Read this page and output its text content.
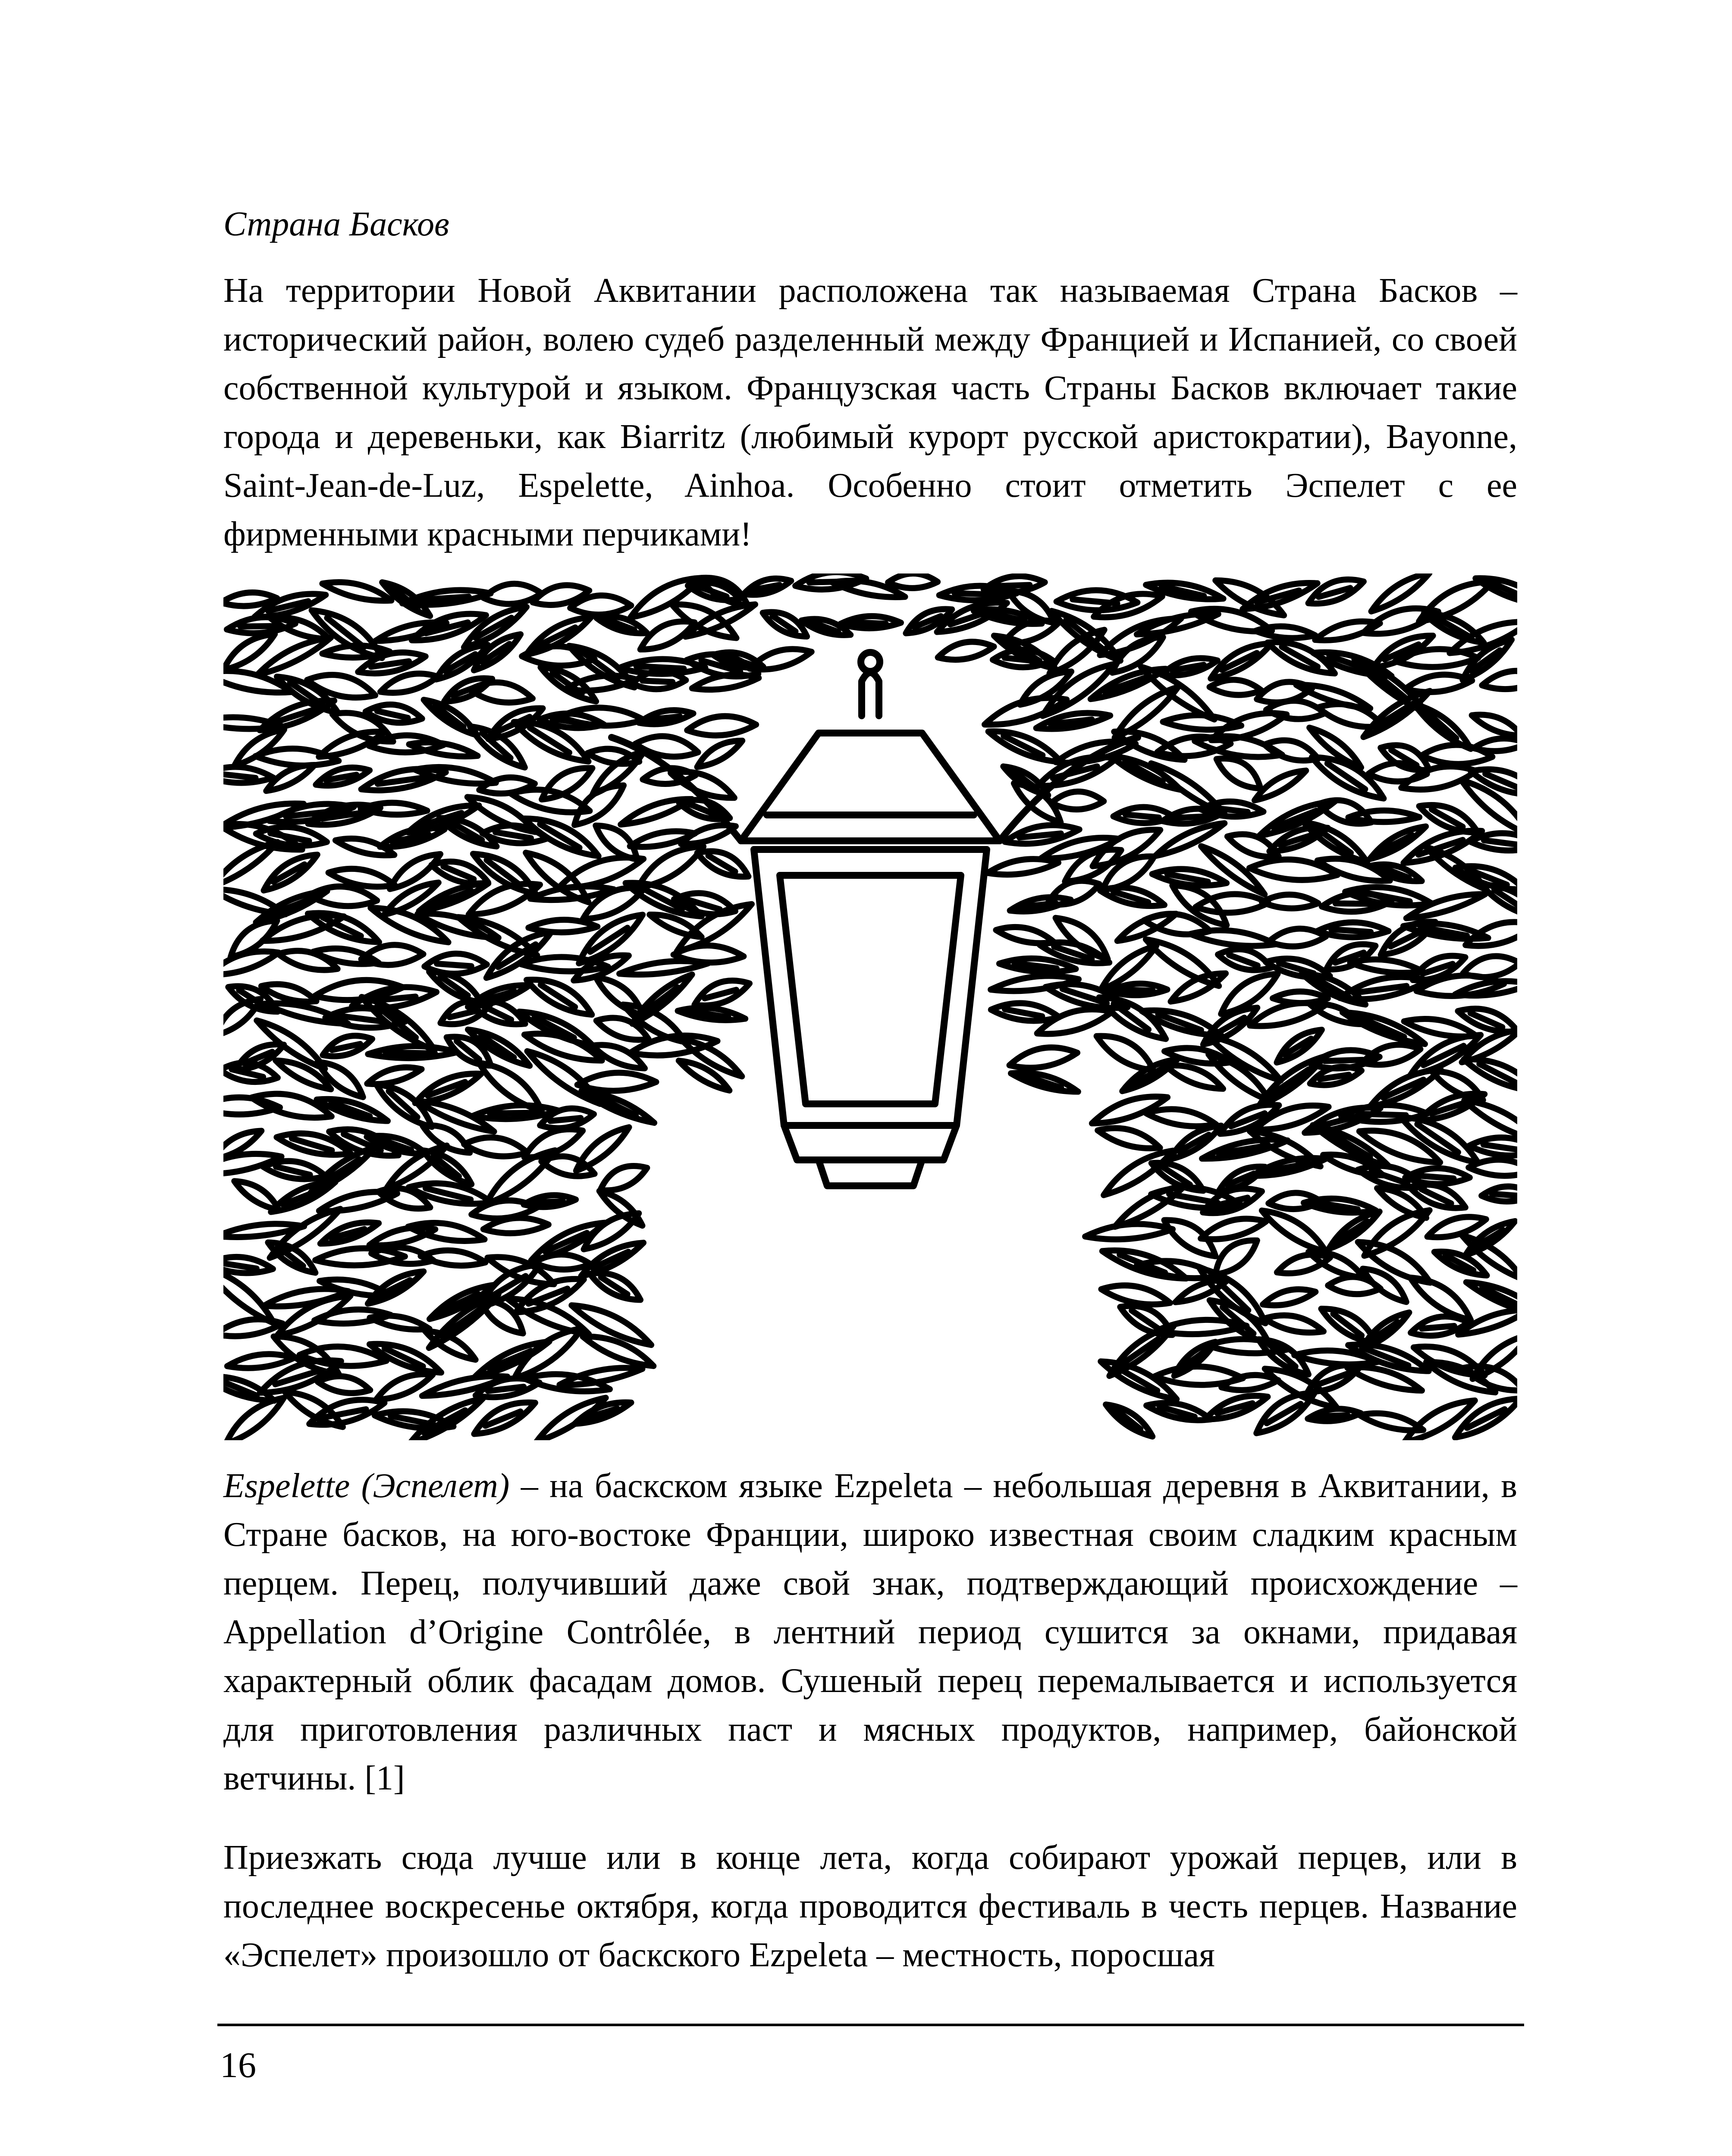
Страна Басков

На территории Новой Аквитании расположена так называемая Страна Басков – исторический район, волею судеб разделенный между Францией и Испанией, со своей собственной культурой и языком. Французская часть Страны Басков включает такие города и деревеньки, как Biarritz (любимый курорт русской аристократии), Bayonne, Saint-Jean-de-Luz, Espelette, Ainhoa. Особенно стоит отметить Эспелет с ее фирменными красными перчиками!

Espelette (Эспелет) – на баскском языке Ezpeleta – небольшая деревня в Аквитании, в Стране басков, на юго-востоке Франции, широко известная своим сладким красным перцем. Перец, получивший даже свой знак, подтверждающий происхождение – Appellation d’Origine Contrôlée, в лентний период сушится за окнами, придавая характерный облик фасадам домов. Сушеный перец перемалывается и используется для приготовления различных паст и мясных продуктов, например, байонской ветчины. [1]

Приезжать сюда лучше или в конце лета, когда собирают урожай перцев, или в последнее воскресенье октября, когда проводится фестиваль в честь перцев. Название «Эспелет» произошло от баскского Ezpeleta – местность, поросшая

16
